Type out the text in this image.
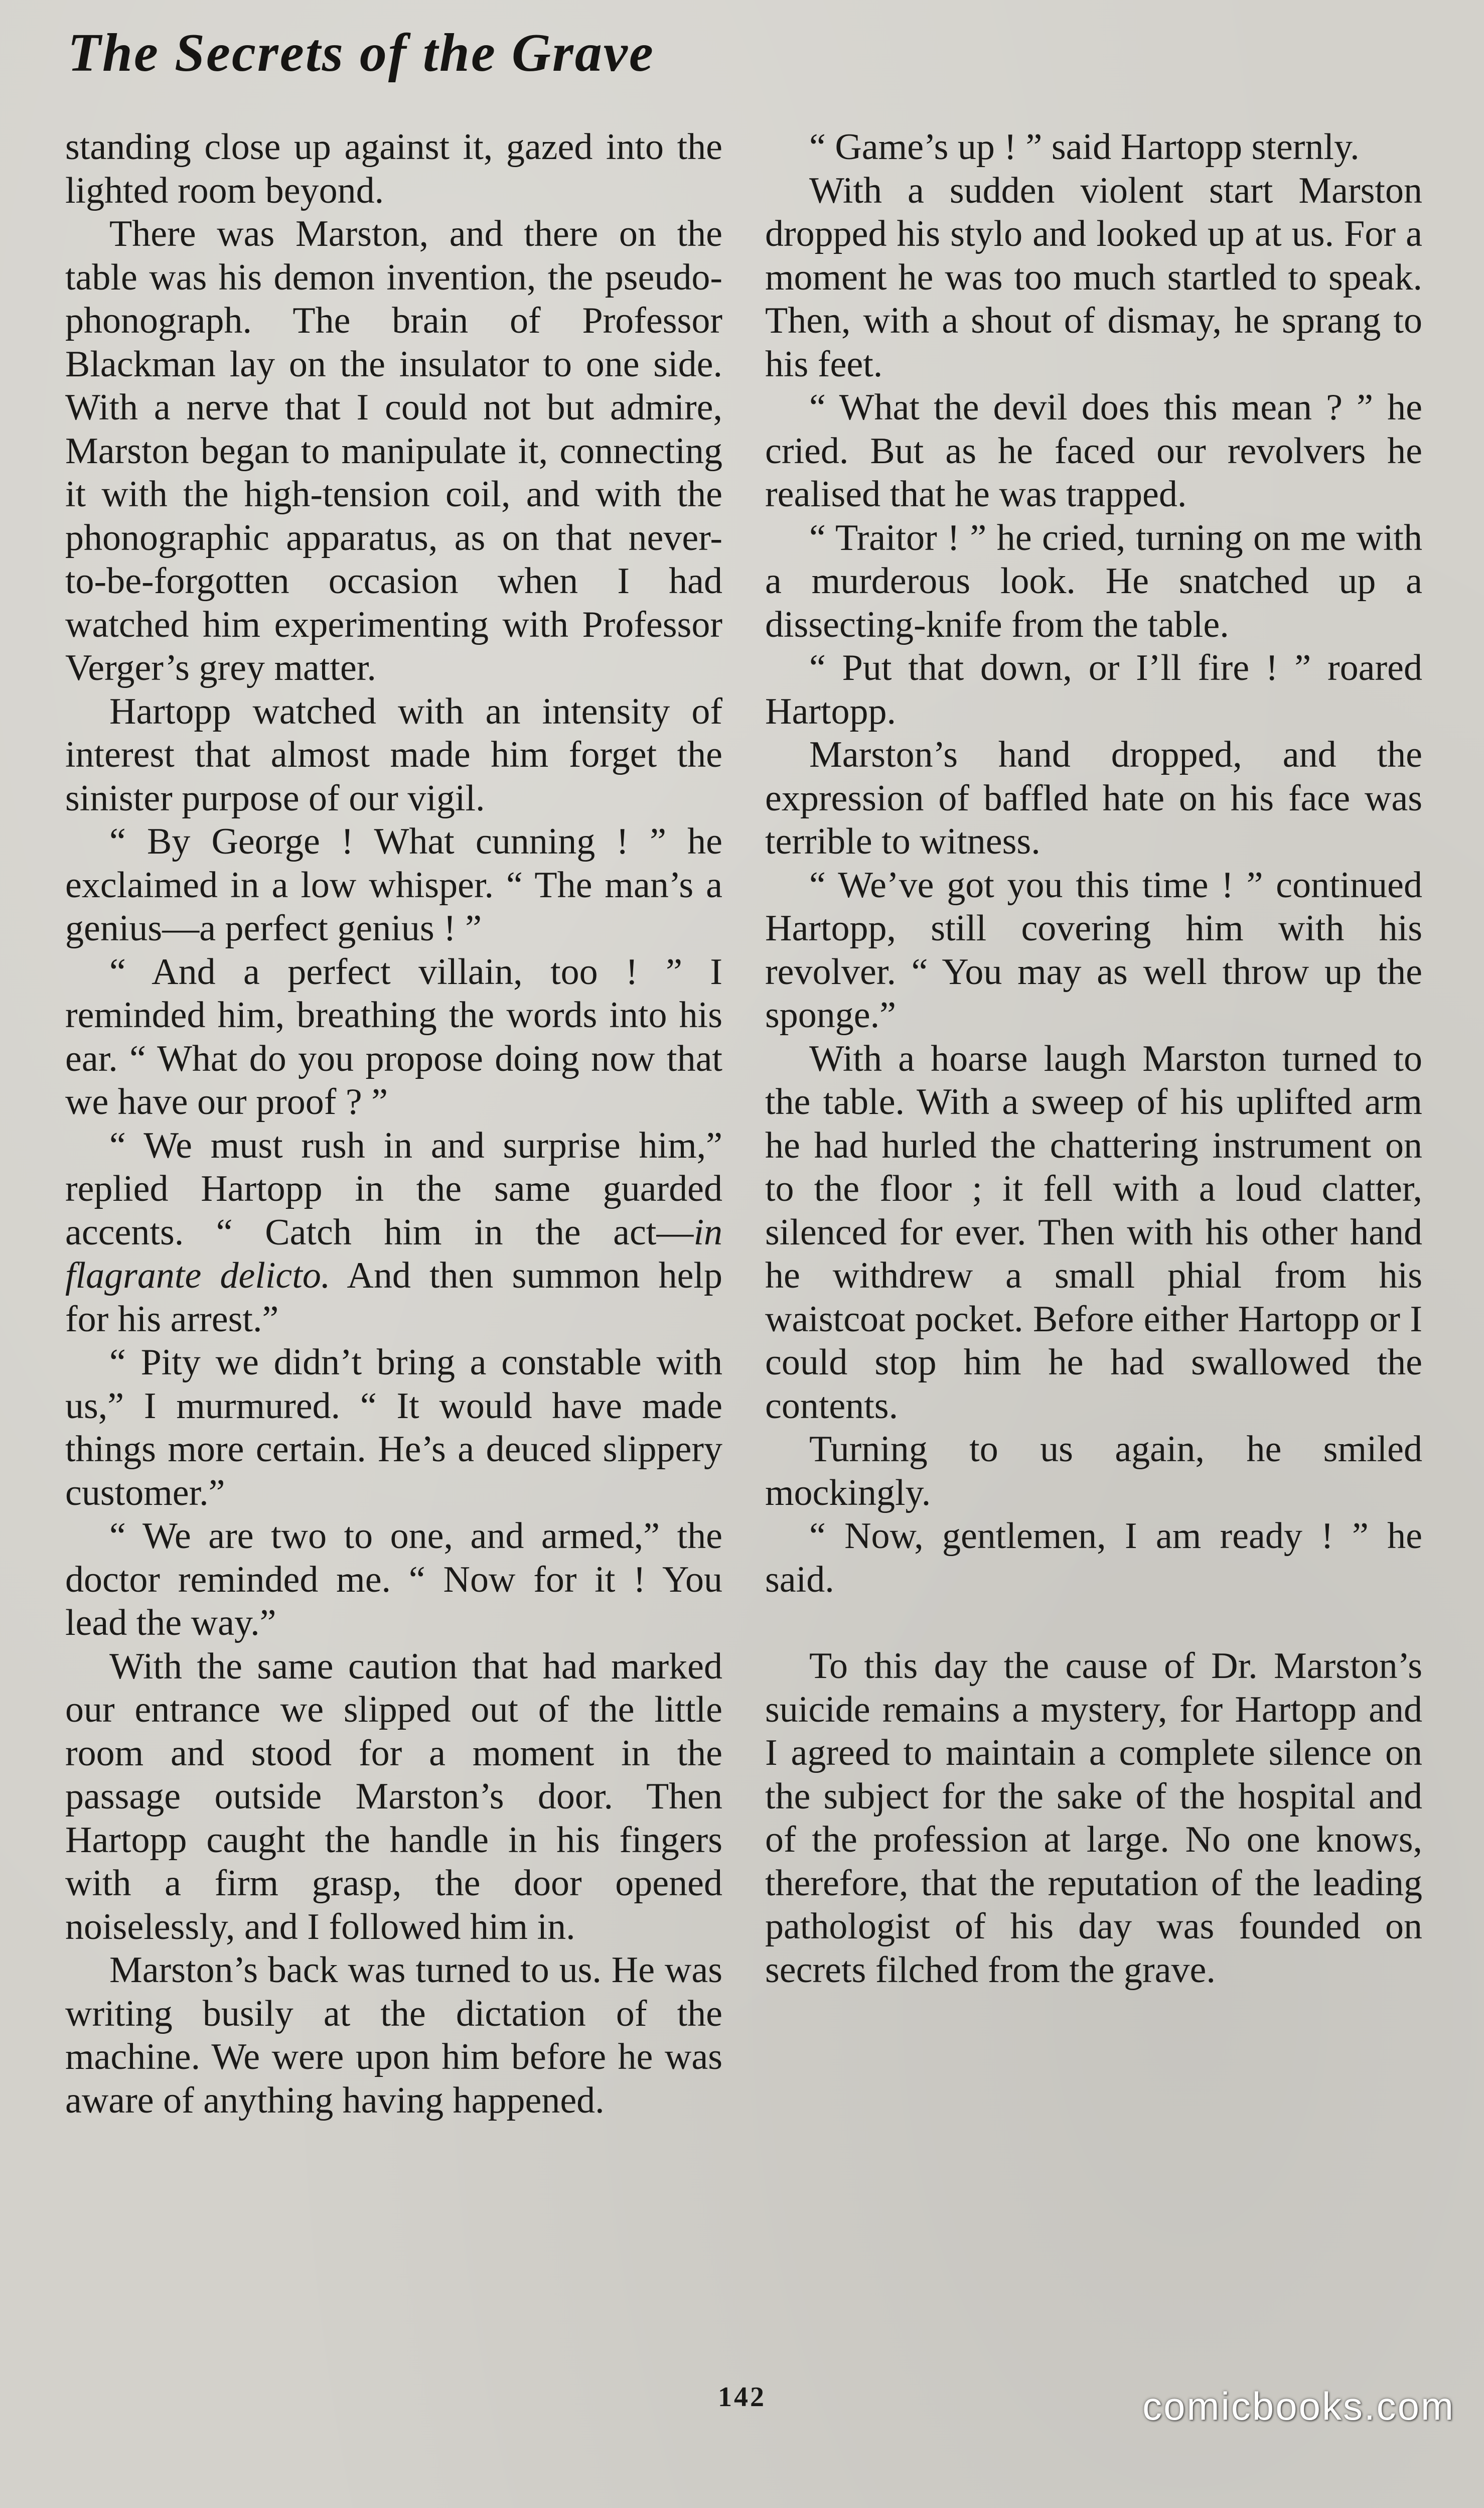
The Secrets of the Grave

standing close up against it, gazed into the lighted room beyond.

There was Marston, and there on the table was his demon invention, the pseudo-phonograph. The brain of Professor Blackman lay on the insulator to one side. With a nerve that I could not but admire, Marston began to manipulate it, connecting it with the high-tension coil, and with the phonographic apparatus, as on that never-to-be-forgotten occasion when I had watched him experimenting with Professor Verger’s grey matter.

Hartopp watched with an intensity of interest that almost made him forget the sinister purpose of our vigil.

“ By George ! What cunning ! ” he exclaimed in a low whisper. “ The man’s a genius—a perfect genius ! ”

“ And a perfect villain, too ! ” I reminded him, breathing the words into his ear. “ What do you propose doing now that we have our proof ? ”

“ We must rush in and surprise him,” replied Hartopp in the same guarded accents. “ Catch him in the act—in flagrante delicto. And then summon help for his arrest.”

“ Pity we didn’t bring a constable with us,” I murmured. “ It would have made things more certain. He’s a deuced slippery customer.”

“ We are two to one, and armed,” the doctor reminded me. “ Now for it ! You lead the way.”

With the same caution that had marked our entrance we slipped out of the little room and stood for a moment in the passage outside Marston’s door. Then Hartopp caught the handle in his fingers with a firm grasp, the door opened noiselessly, and I followed him in.

Marston’s back was turned to us. He was writing busily at the dictation of the machine. We were upon him before he was aware of anything having happened.

“ Game’s up ! ” said Hartopp sternly.

With a sudden violent start Marston dropped his stylo and looked up at us. For a moment he was too much startled to speak. Then, with a shout of dismay, he sprang to his feet.

“ What the devil does this mean ? ” he cried. But as he faced our revolvers he realised that he was trapped.

“ Traitor ! ” he cried, turning on me with a murderous look. He snatched up a dissecting-knife from the table.

“ Put that down, or I’ll fire ! ” roared Hartopp.

Marston’s hand dropped, and the expression of baffled hate on his face was terrible to witness.

“ We’ve got you this time ! ” continued Hartopp, still covering him with his revolver. “ You may as well throw up the sponge.”

With a hoarse laugh Marston turned to the table. With a sweep of his uplifted arm he had hurled the chattering instrument on to the floor ; it fell with a loud clatter, silenced for ever. Then with his other hand he withdrew a small phial from his waistcoat pocket. Before either Hartopp or I could stop him he had swallowed the contents.

Turning to us again, he smiled mockingly.

“ Now, gentlemen, I am ready ! ” he said.

To this day the cause of Dr. Marston’s suicide remains a mystery, for Hartopp and I agreed to maintain a complete silence on the subject for the sake of the hospital and of the profession at large. No one knows, therefore, that the reputation of the leading pathologist of his day was founded on secrets filched from the grave.

142	comicbooks.com
